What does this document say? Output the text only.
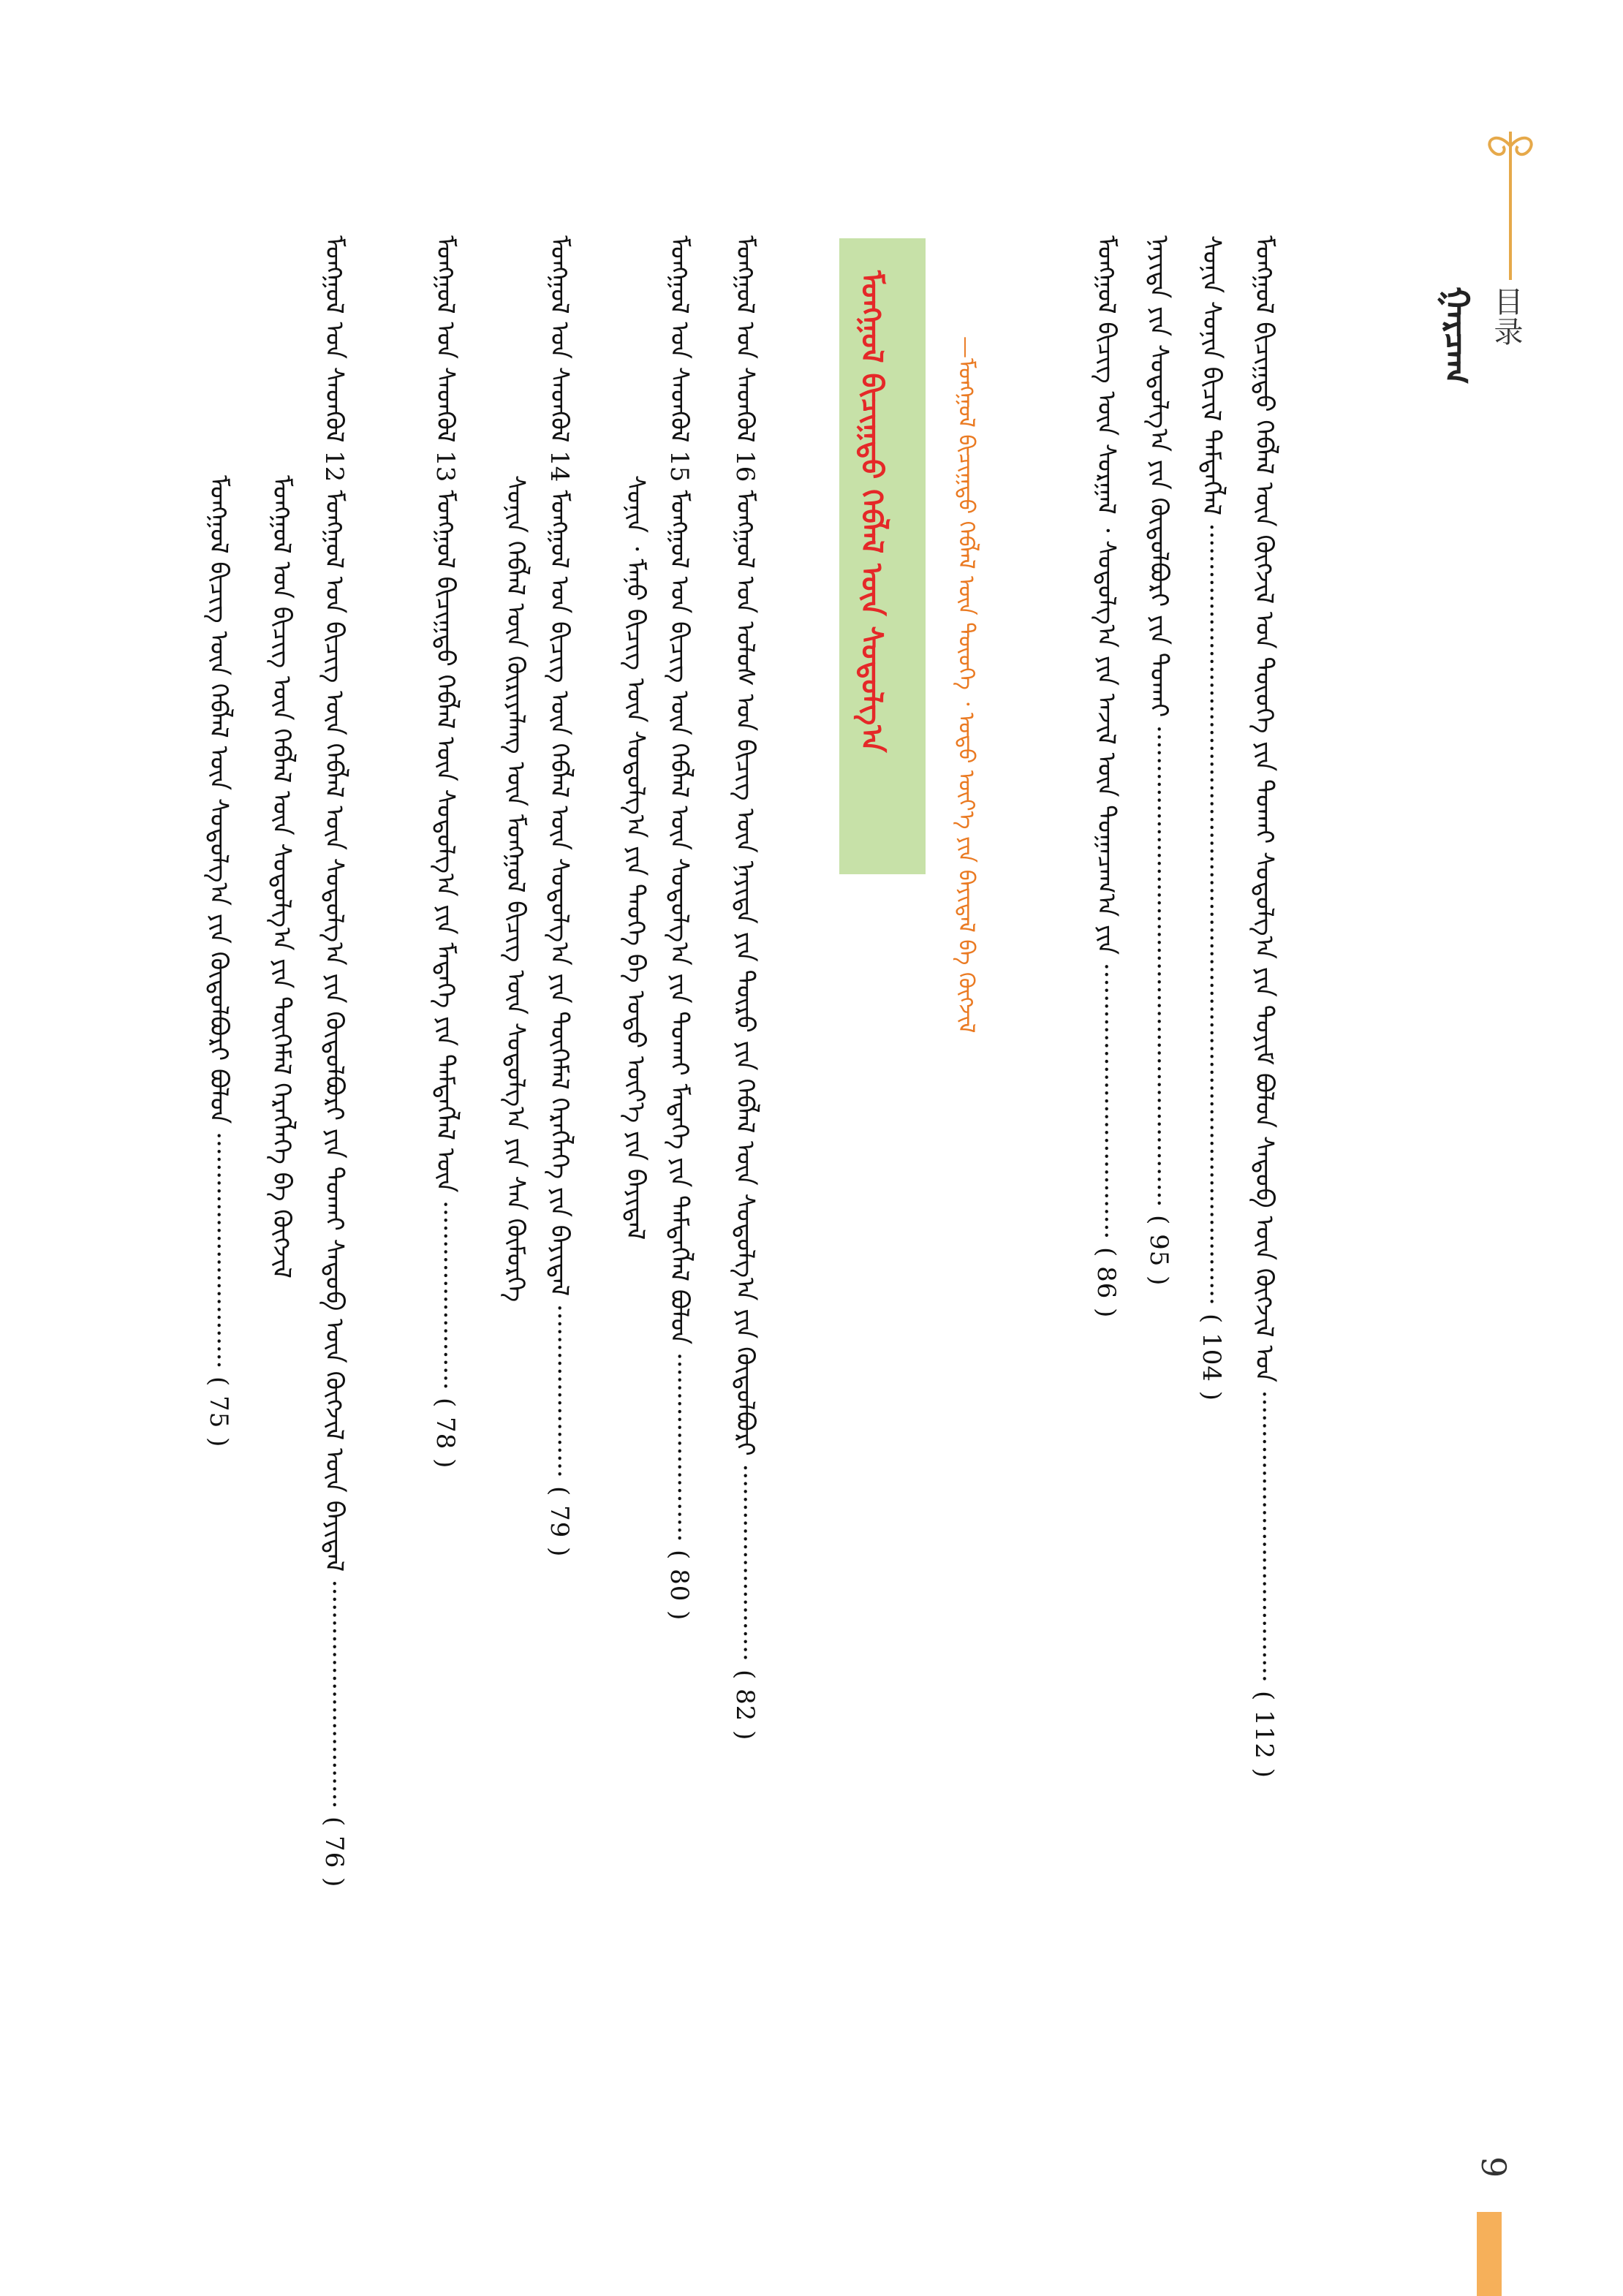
ᠭᠠᠷᠴᠠᠭ 目录
ᠮᠣᠩᠭᠣᠯ ᠪᠢᠴᠢᠭ᠋ᠲᠦ ᠬᠡᠪᠯᠡᠯ ᠦᠨ ᠬᠥᠭᠵᠢᠯ ᠤᠨ ᠲᠦᠦᠬᠡ ᠶᠢᠨ ᠲᠤᠬᠠᠢ ᠰᠤᠳᠤᠯᠭ᠎ᠠ ᠶᠢᠨ ᠲᠣᠶᠢᠮ ᠪᠣᠯᠤᠨ ᠰᠡᠳᠦᠪ ᠦᠨ ᠬᠥᠭᠵᠢᠯ ᠤᠨ ····································· ( 112 )
ᠰᠣᠨᠢᠨ ᠰᠣᠨᠢᠨ ᠪᠢᠴᠢᠯ ᠲᠡᠮᠳᠡᠭᠯᠡᠯ ··································································································· ( 104 )
ᠨᠡᠶᠢᠲᠡ ᠶᠢᠨ ᠰᠣᠳᠤᠯᠭ᠎ᠠ ᠶᠢᠨ ᠬᠥᠲᠦᠯᠪᠦᠷᠢ ᠶᠢᠨ ᠲᠤᠬᠠᠢ ····························································· ( 95 )
ᠮᠣᠩᠭᠣᠯ ᠪᠢᠴᠢᠭ ᠦᠨ ᠰᠤᠷᠭᠠᠯ ᠂ ᠰᠤᠳᠤᠯᠭ᠎ᠠ ᠶᠢᠨ ᠠᠵᠢᠯ ᠦᠨ ᠲᠣᠭᠠᠴᠠᠭ᠎ᠠ ᠶᠢᠨ ··································· ( 86 )
—ᠮᠣᠩᠭᠣᠯ ᠪᠢᠴᠢᠭ᠋ᠲᠦ ᠬᠡᠪᠯᠡᠯ ᠦᠨ ᠲᠦᠦᠬᠡ ᠂ ᠣᠳᠣ ᠦᠶ᠎ᠡ ᠶᠢᠨ ᠪᠠᠶᠢᠳᠠᠯ ᠪᠠ ᠬᠥᠭᠵᠢᠯ
ᠮᠣᠩᠭᠣᠯ ᠪᠢᠴᠢᠭ᠋ᠲᠦ ᠬᠡᠪᠯᠡᠯ ᠦᠨ ᠰᠤᠳᠤᠯᠭ᠎ᠠ
ᠮᠣᠩᠭᠣᠯ ᠤᠨ ᠰᠡᠳᠬᠦᠯ 16 ᠮᠣᠩᠭᠣᠯ ᠤᠨ ᠤᠯᠤᠰ ᠤᠨ ᠪᠢᠴᠢᠭ ᠦᠨ ᠨᠡᠶᠢᠲᠡ ᠶᠢᠨ ᠲᠦᠷᠦ ᠶᠢᠨ ᠬᠡᠪᠯᠡᠯ ᠦᠨ ᠰᠤᠳᠤᠯᠭ᠎ᠠ ᠶᠢᠨ ᠬᠥᠲᠦᠯᠪᠦᠷᠢ ························· ( 82 )
ᠮᠣᠩᠭᠣᠯ ᠤᠨ ᠰᠡᠳᠬᠦᠯ 15 ᠮᠣᠩᠭᠣᠯ ᠤᠨ ᠪᠢᠴᠢᠭ ᠦᠨ ᠬᠡᠪᠯᠡᠯ ᠦᠨ ᠰᠤᠳᠤᠯᠭ᠎ᠠ ᠶᠢᠨ ᠲᠤᠬᠠᠢ ᠮᠡᠳᠡᠭᠡ ᠶᠢᠨ ᠲᠡᠮᠳᠡᠭᠯᠡᠯ ᠪᠣᠯᠤᠨ ························ ( 80 )
ᠰᠣᠨᠢᠨ ᠂ ᠮᠠᠨᠤ ᠪᠢᠴᠢᠭ ᠦᠨ ᠰᠤᠳᠤᠯᠭ᠎ᠠ ᠶᠢᠨ ᠲᠡᠦᠬᠡ ᠪᠠ ᠣᠳᠣ ᠦᠶ᠎ᠡ ᠶᠢᠨ ᠪᠠᠶᠢᠳᠠᠯ
ᠮᠣᠩᠭᠣᠯ ᠤᠨ ᠰᠡᠳᠬᠦᠯ 14 ᠮᠣᠩᠭᠣᠯ ᠤᠨ ᠪᠢᠴᠢᠭ ᠦᠨ ᠬᠡᠪᠯᠡᠯ ᠦᠨ ᠰᠤᠳᠤᠯᠭ᠎ᠠ ᠶᠢᠨ ᠲᠦᠭᠡᠮᠡᠯ ᠬᠡᠷᠡᠭᠯᠡᠭᠡ ᠶᠢᠨ ᠪᠠᠶᠢᠳᠠᠯ ······················ ( 79 )
ᠰᠣᠨᠢᠨ ᠬᠡᠪᠯᠡᠯ ᠦᠨ ᠬᠦᠷᠢᠶᠡᠯᠡᠩ ᠦᠨ ᠮᠣᠩᠭᠣᠯ ᠪᠢᠴᠢᠭ ᠦᠨ ᠰᠤᠳᠤᠯᠭ᠎ᠠ ᠶᠢᠨ ᠰᠠᠨ ᠬᠥᠮᠦᠷᠭᠡ
ᠮᠣᠩᠭᠣᠯ ᠤᠨ ᠰᠡᠳᠬᠦᠯ 13 ᠮᠣᠩᠭᠣᠯ ᠪᠢᠴᠢᠭ᠋ᠲᠦ ᠬᠡᠪᠯᠡᠯ ᠦᠨ ᠰᠤᠳᠤᠯᠭ᠎ᠠ ᠶᠢᠨ ᠮᠡᠳᠡᠭᠡ ᠶᠢᠨ ᠲᠡᠮᠳᠡᠭᠯᠡᠯ ᠦᠨ ························ ( 78 )
ᠮᠣᠩᠭᠣᠯ ᠤᠨ ᠰᠡᠳᠬᠦᠯ 12 ᠮᠣᠩᠭᠣᠯ ᠤᠨ ᠪᠢᠴᠢᠭ ᠦᠨ ᠬᠡᠪᠯᠡᠯ ᠦᠨ ᠰᠤᠳᠤᠯᠭ᠎ᠠ ᠶᠢᠨ ᠬᠥᠲᠦᠯᠪᠦᠷᠢ ᠶᠢᠨ ᠲᠤᠬᠠᠢ ᠰᠡᠳᠦᠪ ᠦᠨ ᠬᠥᠭᠵᠢᠯ ᠦᠨ ᠪᠠᠶᠢᠳᠠᠯ ····························· ( 76 )
ᠮᠣᠩᠭᠣᠯ ᠤᠨ ᠪᠢᠴᠢᠭ ᠦᠨ ᠬᠡᠪᠯᠡᠯ ᠦᠨ ᠰᠤᠳᠤᠯᠭ᠎ᠠ ᠶᠢᠨ ᠲᠦᠭᠡᠮᠡᠯ ᠬᠡᠷᠡᠭᠯᠡᠭᠡ ᠪᠠ ᠬᠥᠭᠵᠢᠯ
ᠮᠣᠩᠭᠣᠯ ᠪᠢᠴᠢᠭ ᠦᠨ ᠬᠡᠪᠯᠡᠯ ᠦᠨ ᠰᠤᠳᠤᠯᠭ᠎ᠠ ᠶᠢᠨ ᠬᠥᠲᠦᠯᠪᠦᠷᠢ ᠪᠣᠯᠤᠨ ······························ ( 75 )
9
